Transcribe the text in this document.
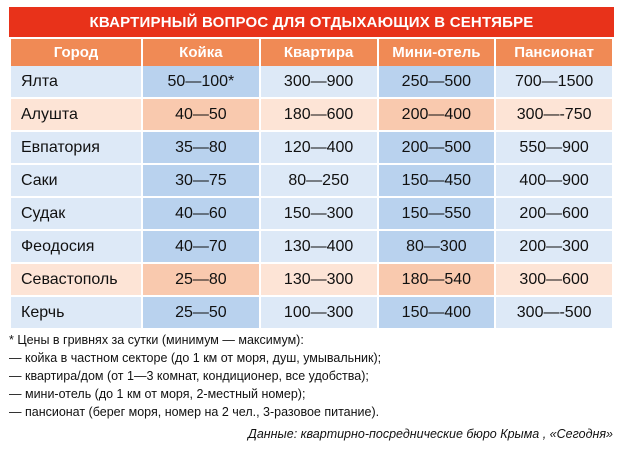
КВАРТИРНЫЙ ВОПРОС ДЛЯ ОТДЫХАЮЩИХ В СЕНТЯБРЕ
Город	Койка	Квартира	Мини-отель	Пансионат
Ялта	50—100*	300—900	250—500	700—1500
Алушта	40—50	180—600	200—400	300—-750
Евпатория	35—80	120—400	200—500	550—900
Саки	30—75	80—250	150—450	400—900
Судак	40—60	150—300	150—550	200—600
Феодосия	40—70	130—400	80—300	200—300
Севастополь	25—80	130—300	180—540	300—600
Керчь	25—50	100—300	150—400	300—-500
* Цены в гривнях за сутки (минимум — максимум):
— койка в частном секторе (до 1 км от моря, душ, умывальник);
— квартира/дом (от 1—3 комнат, кондиционер, все удобства);
— мини-отель (до 1 км от моря, 2-местный номер);
— пансионат (берег моря, номер на 2 чел., 3-разовое питание).
Данные: квартирно-посреднические бюро Крыма , «Сегодня»
